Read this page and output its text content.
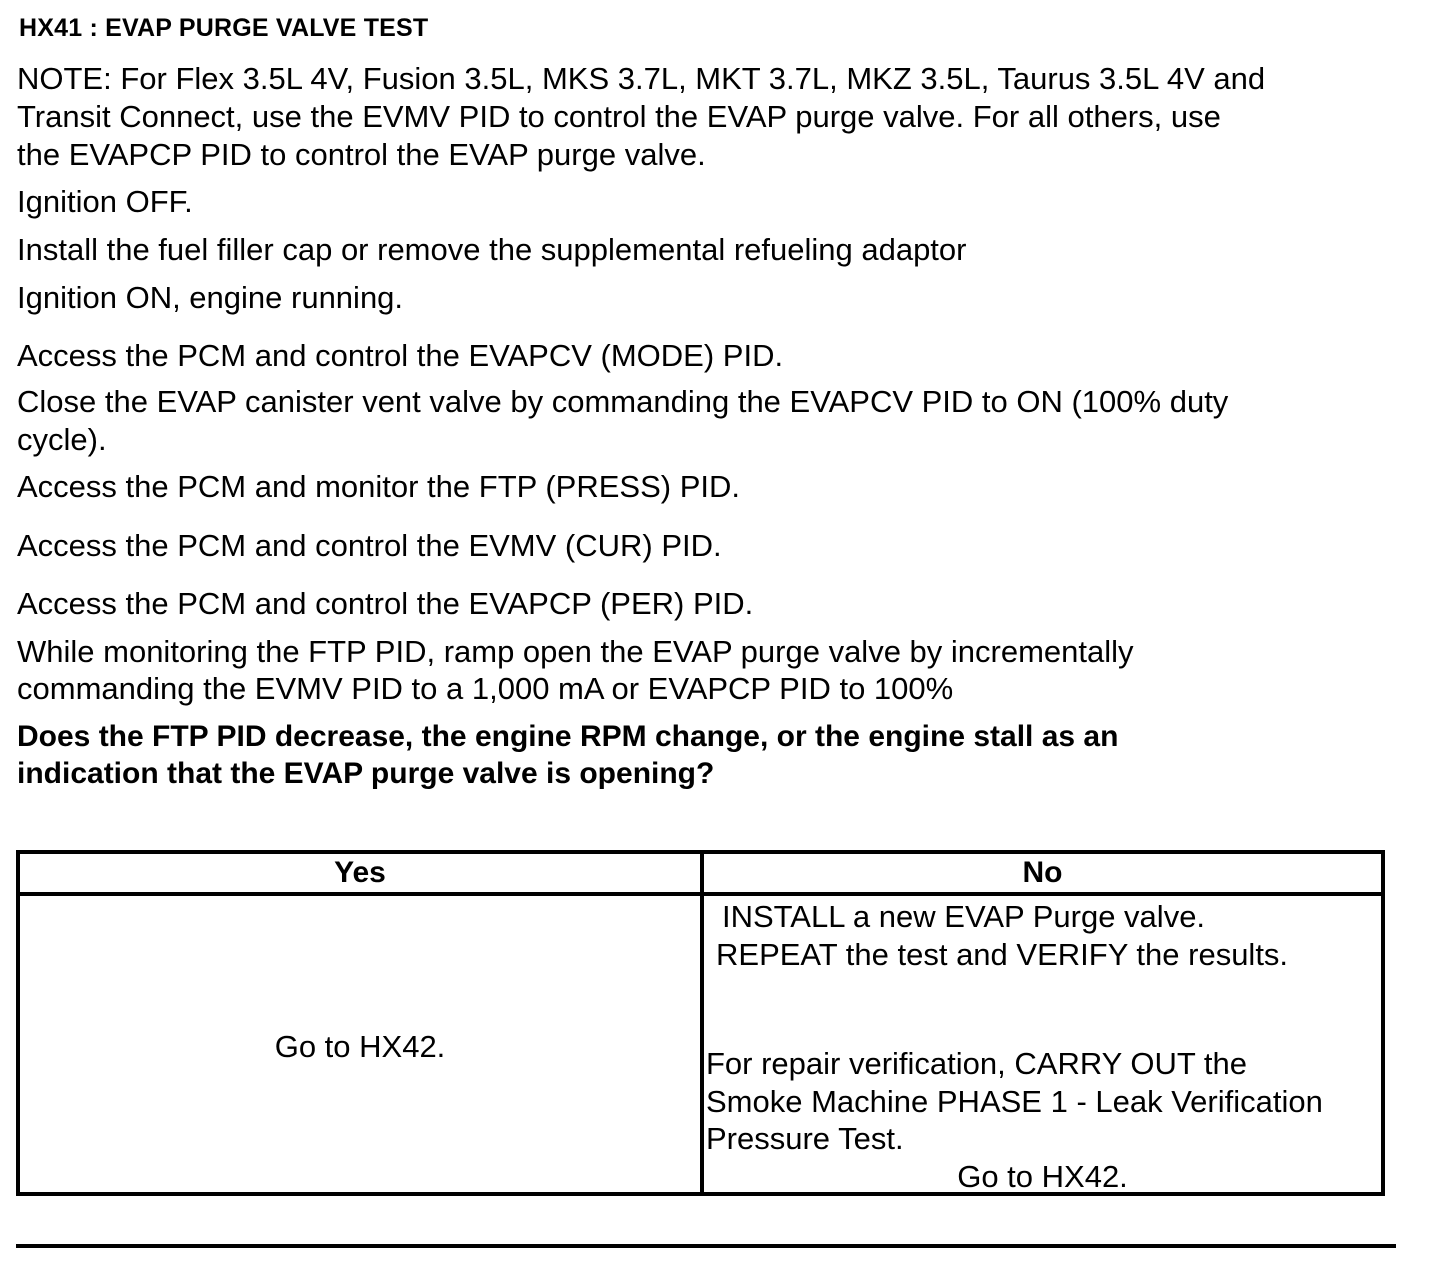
HX41 : EVAP PURGE VALVE TEST
NOTE: For Flex 3.5L 4V, Fusion 3.5L, MKS 3.7L, MKT 3.7L, MKZ 3.5L, Taurus 3.5L 4V and
Transit Connect, use the EVMV PID to control the EVAP purge valve. For all others, use
the EVAPCP PID to control the EVAP purge valve.
Ignition OFF.
Install the fuel filler cap or remove the supplemental refueling adaptor
Ignition ON, engine running.
Access the PCM and control the EVAPCV (MODE) PID.
Close the EVAP canister vent valve by commanding the EVAPCV PID to ON (100% duty
cycle).
Access the PCM and monitor the FTP (PRESS) PID.
Access the PCM and control the EVMV (CUR) PID.
Access the PCM and control the EVAPCP (PER) PID.
While monitoring the FTP PID, ramp open the EVAP purge valve by incrementally
commanding the EVMV PID to a 1,000 mA or EVAPCP PID to 100%
Does the FTP PID decrease, the engine RPM change, or the engine stall as an
indication that the EVAP purge valve is opening?
Yes	No
Go to HX42.
INSTALL a new EVAP Purge valve.
REPEAT the test and VERIFY the results.
For repair verification, CARRY OUT the
Smoke Machine PHASE 1 - Leak Verification
Pressure Test.
Go to HX42.
